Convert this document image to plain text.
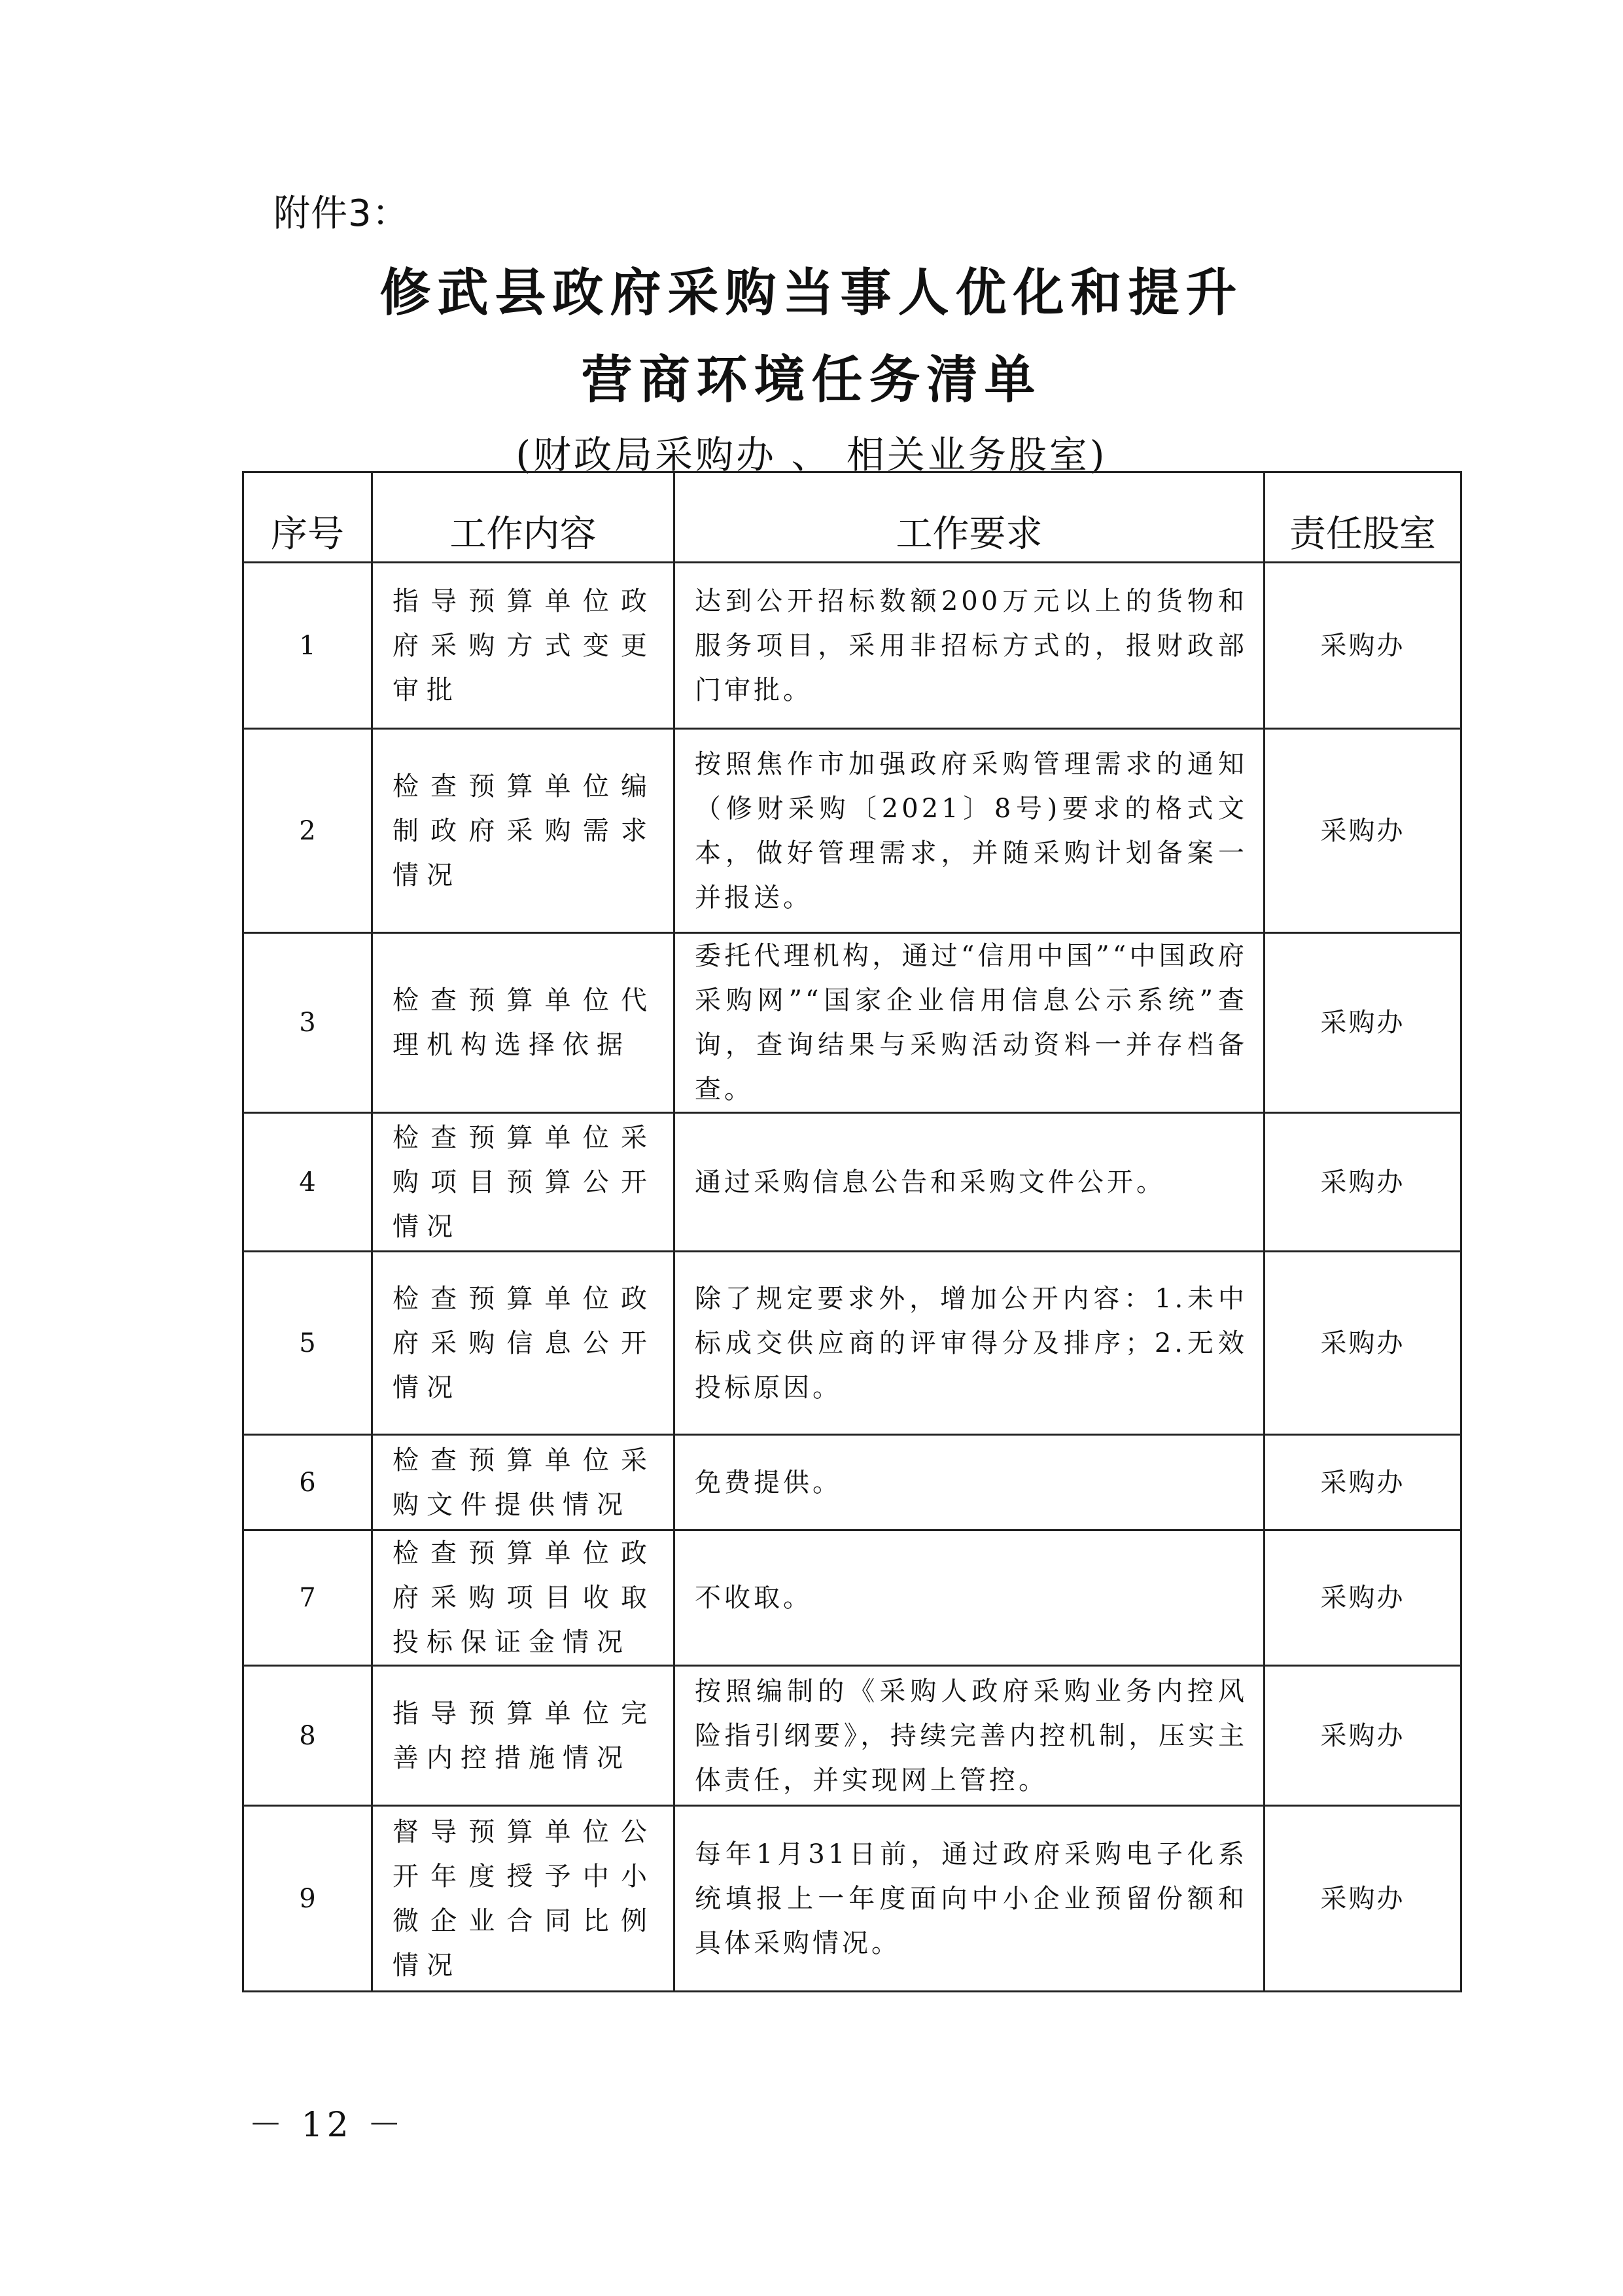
附件3：
修武县政府采购当事人优化和提升
营商环境任务清单
(财政局采购办 、 相关业务股室)
序号	工作内容	工作要求	责任股室
1	指导预算单位政府采购方式变更审批	达到公开招标数额200万元以上的货物和服务项目，采用非招标方式的，报财政部门审批。	采购办
2	检查预算单位编制政府采购需求情况	按照焦作市加强政府采购管理需求的通知（修财采购〔2021〕8号)要求的格式文本，做好管理需求，并随采购计划备案一并报送。	采购办
3	检查预算单位代理机构选择依据	委托代理机构，通过“信用中国”“中国政府采购网”“国家企业信用信息公示系统”查询，查询结果与采购活动资料一并存档备查。	采购办
4	检查预算单位采购项目预算公开情况	通过采购信息公告和采购文件公开。	采购办
5	检查预算单位政府采购信息公开情况	除了规定要求外，增加公开内容：1.未中标成交供应商的评审得分及排序；2.无效投标原因。	采购办
6	检查预算单位采购文件提供情况	免费提供。	采购办
7	检查预算单位政府采购项目收取投标保证金情况	不收取。	采购办
8	指导预算单位完善内控措施情况	按照编制的《采购人政府采购业务内控风险指引纲要》，持续完善内控机制，压实主体责任，并实现网上管控。	采购办
9	督导预算单位公开年度授予中小微企业合同比例情况	每年1月31日前，通过政府采购电子化系统填报上一年度面向中小企业预留份额和具体采购情况。	采购办
－ 12 －
